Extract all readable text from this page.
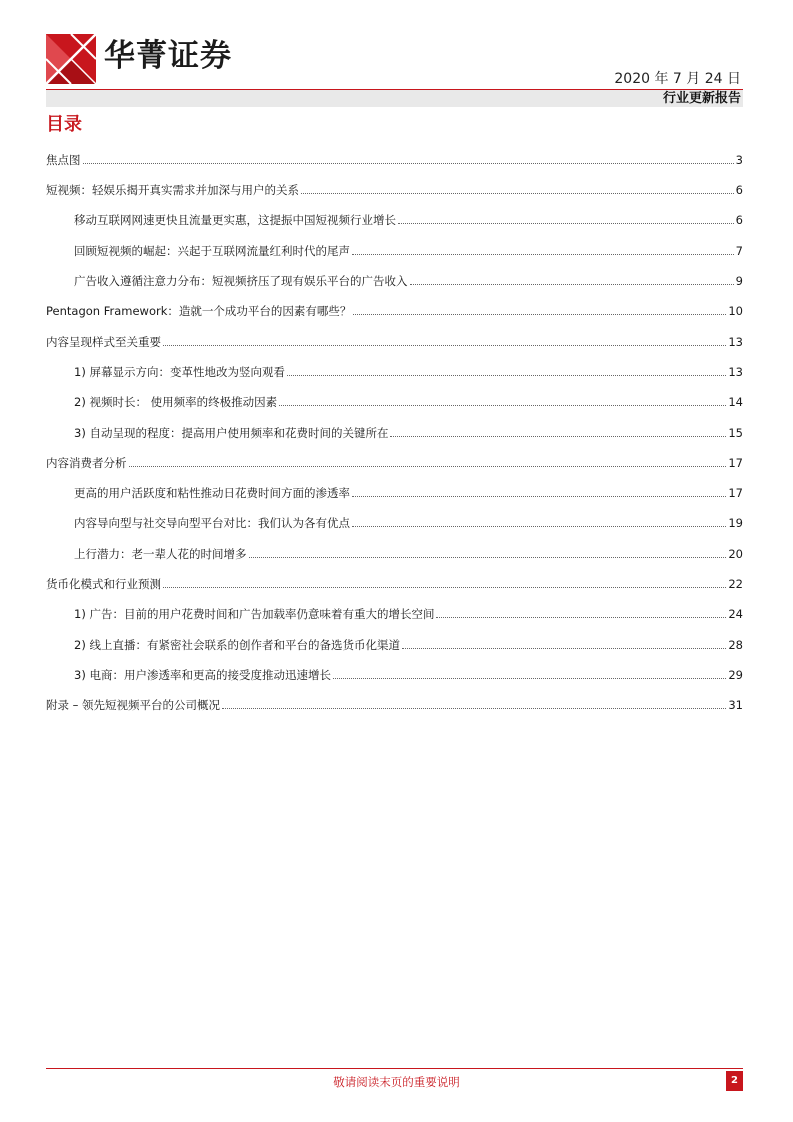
华菁证券
2020 年 7 月 24 日
行业更新报告
目录
焦点图	3
短视频：轻娱乐揭开真实需求并加深与用户的关系	6
移动互联网网速更快且流量更实惠，这提振中国短视频行业增长	6
回顾短视频的崛起：兴起于互联网流量红利时代的尾声	7
广告收入遵循注意力分布：短视频挤压了现有娱乐平台的广告收入	9
Pentagon Framework：造就一个成功平台的因素有哪些？	10
内容呈现样式至关重要	13
1) 屏幕显示方向：变革性地改为竖向观看	13
2) 视频时长： 使用频率的终极推动因素	14
3) 自动呈现的程度：提高用户使用频率和花费时间的关键所在	15
内容消费者分析	17
更高的用户活跃度和粘性推动日花费时间方面的渗透率	17
内容导向型与社交导向型平台对比：我们认为各有优点	19
上行潜力：老一辈人花的时间增多	20
货币化模式和行业预测	22
1) 广告：目前的用户花费时间和广告加载率仍意味着有重大的增长空间	24
2) 线上直播：有紧密社会联系的创作者和平台的备选货币化渠道	28
3) 电商：用户渗透率和更高的接受度推动迅速增长	29
附录 – 领先短视频平台的公司概况	31
敬请阅读末页的重要说明	2
